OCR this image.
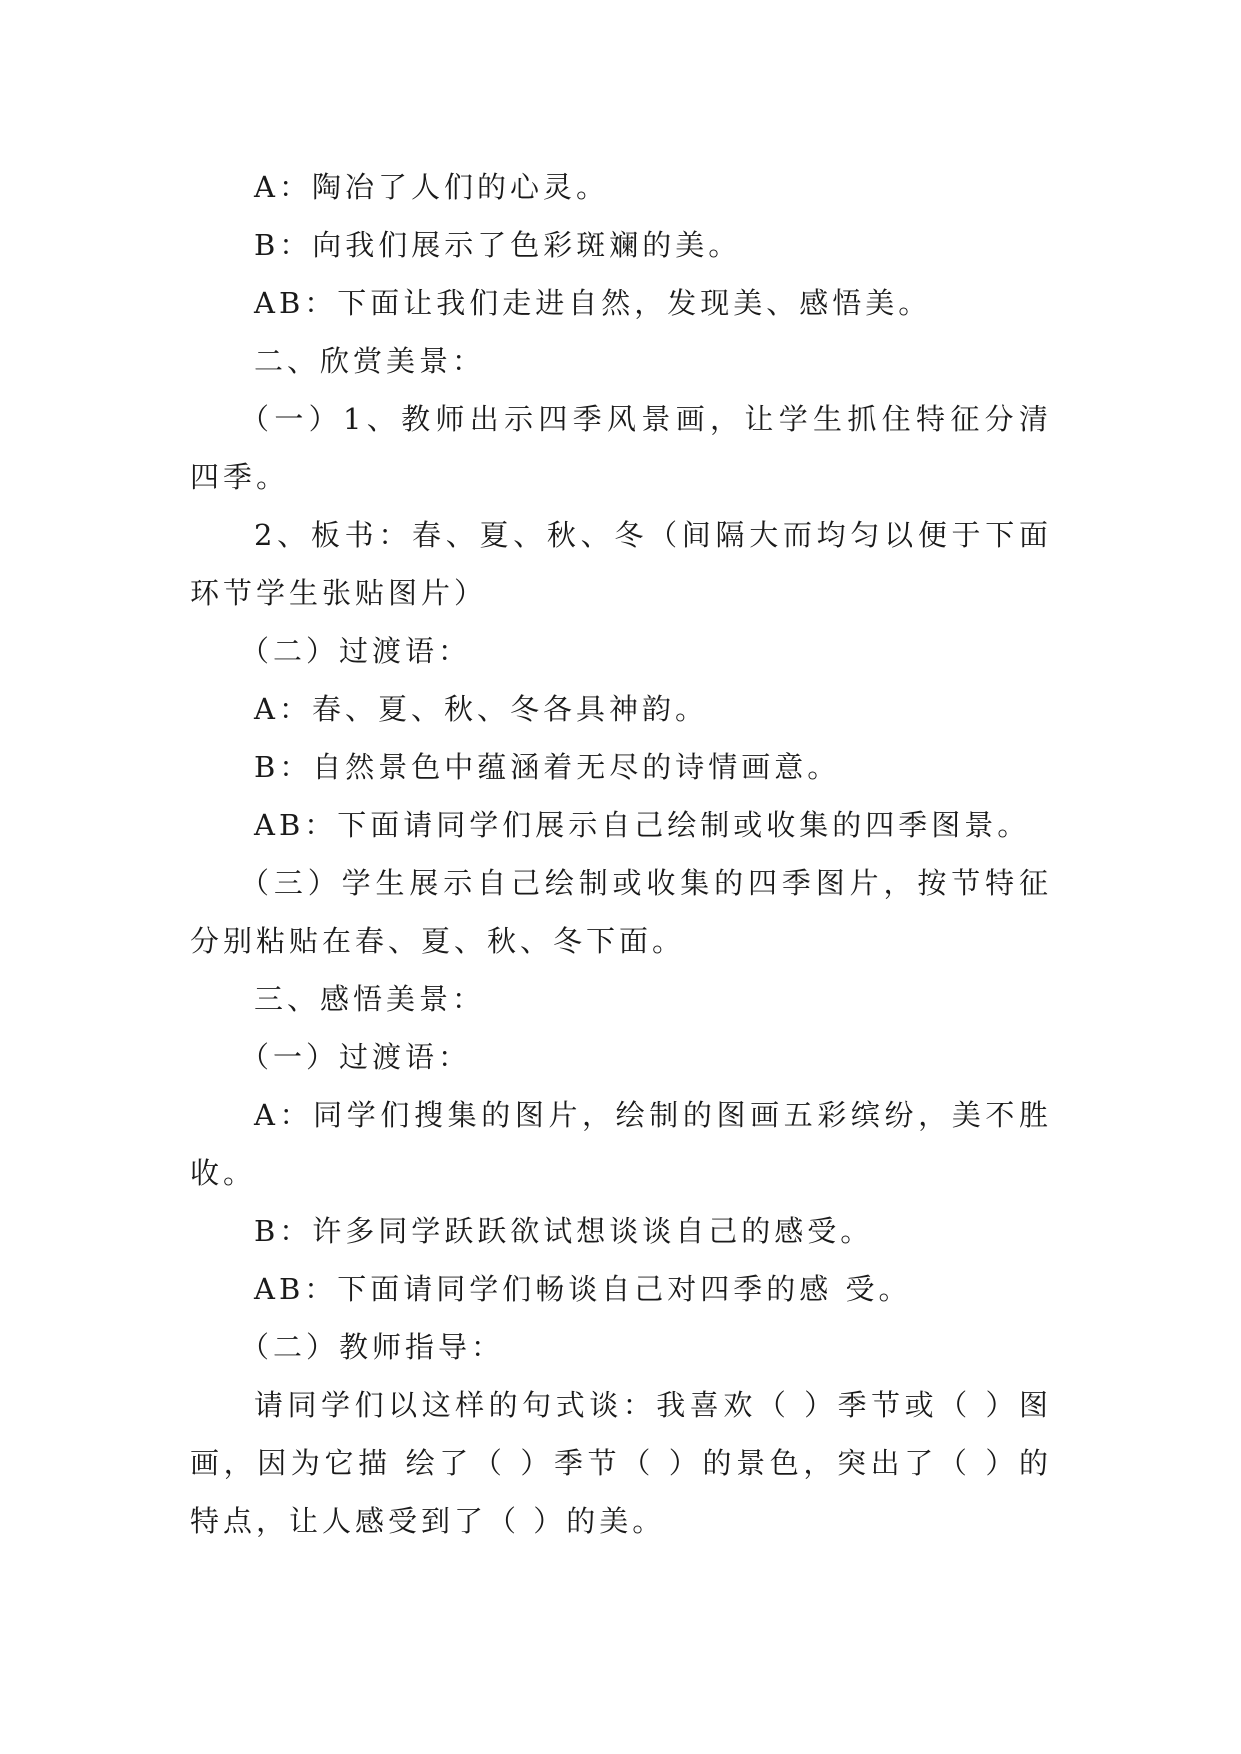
A：陶冶了人们的心灵。

B：向我们展示了色彩斑斓的美。

AB：下面让我们走进自然，发现美、感悟美。

二、欣赏美景：

（一）1、教师出示四季风景画，让学生抓住特征分清四季。

2、板书：春、夏、秋、冬（间隔大而均匀以便于下面环节学生张贴图片）

（二）过渡语：

A：春、夏、秋、冬各具神韵。

B：自然景色中蕴涵着无尽的诗情画意。

AB：下面请同学们展示自己绘制或收集的四季图景。

（三）学生展示自己绘制或收集的四季图片，按节特征分别粘贴在春、夏、秋、冬下面。

三、感悟美景：

（一）过渡语：

A：同学们搜集的图片，绘制的图画五彩缤纷，美不胜收。

B：许多同学跃跃欲试想谈谈自己的感受。

AB：下面请同学们畅谈自己对四季的感 受。

（二）教师指导：

请同学们以这样的句式谈：我喜欢（ ）季节或（ ）图画，因为它描 绘了（ ）季节（ ）的景色，突出了（ ）的特点，让人感受到了（ ）的美。
